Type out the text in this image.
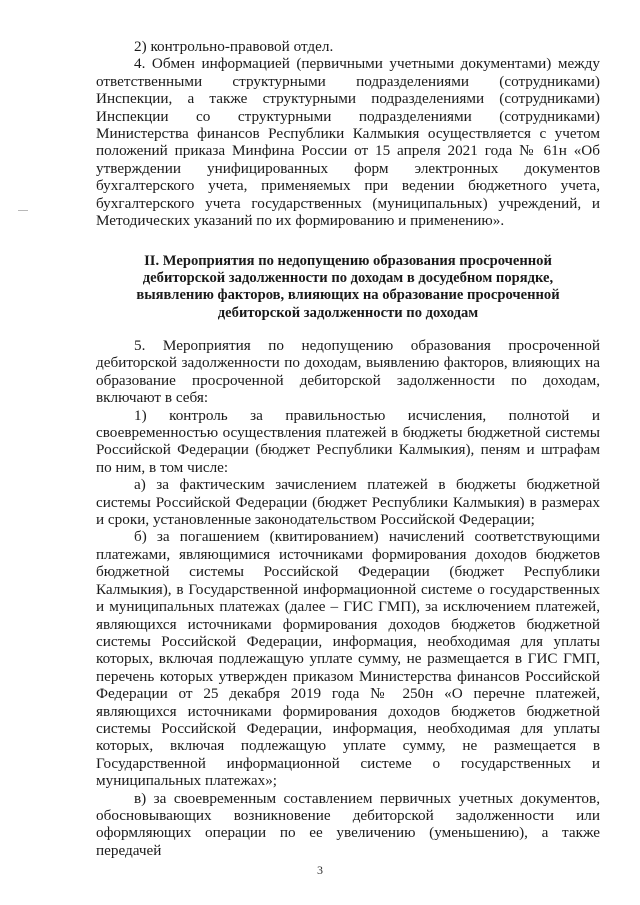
2) контрольно-правовой отдел.

4. Обмен информацией (первичными учетными документами) между ответственными структурными подразделениями (сотрудниками) Инспекции, а также структурными подразделениями (сотрудниками) Инспекции со структурными подразделениями (сотрудниками) Министерства финансов Республики Калмыкия осуществляется с учетом положений приказа Минфина России от 15 апреля 2021 года № 61н «Об утверждении унифицированных форм электронных документов бухгалтерского учета, применяемых при ведении бюджетного учета, бухгалтерского учета государственных (муниципальных) учреждений, и Методических указаний по их формированию и применению».

II. Мероприятия по недопущению образования просроченной дебиторской задолженности по доходам в досудебном порядке, выявлению факторов, влияющих на образование просроченной дебиторской задолженности по доходам

5. Мероприятия по недопущению образования просроченной дебиторской задолженности по доходам, выявлению факторов, влияющих на образование просроченной дебиторской задолженности по доходам, включают в себя:

1) контроль за правильностью исчисления, полнотой и своевременностью осуществления платежей в бюджеты бюджетной системы Российской Федерации (бюджет Республики Калмыкия), пеням и штрафам по ним, в том числе:

а) за фактическим зачислением платежей в бюджеты бюджетной системы Российской Федерации (бюджет Республики Калмыкия) в размерах и сроки, установленные законодательством Российской Федерации;

б) за погашением (квитированием) начислений соответствующими платежами, являющимися источниками формирования доходов бюджетов бюджетной системы Российской Федерации (бюджет Республики Калмыкия), в Государственной информационной системе о государственных и муниципальных платежах (далее – ГИС ГМП), за исключением платежей, являющихся источниками формирования доходов бюджетов бюджетной системы Российской Федерации, информация, необходимая для уплаты которых, включая подлежащую уплате сумму, не размещается в ГИС ГМП, перечень которых утвержден приказом Министерства финансов Российской Федерации от 25 декабря 2019 года № 250н «О перечне платежей, являющихся источниками формирования доходов бюджетов бюджетной системы Российской Федерации, информация, необходимая для уплаты которых, включая подлежащую уплате сумму, не размещается в Государственной информационной системе о государственных и муниципальных платежах»;

в) за своевременным составлением первичных учетных документов, обосновывающих возникновение дебиторской задолженности или оформляющих операции по ее увеличению (уменьшению), а также передачей

3
